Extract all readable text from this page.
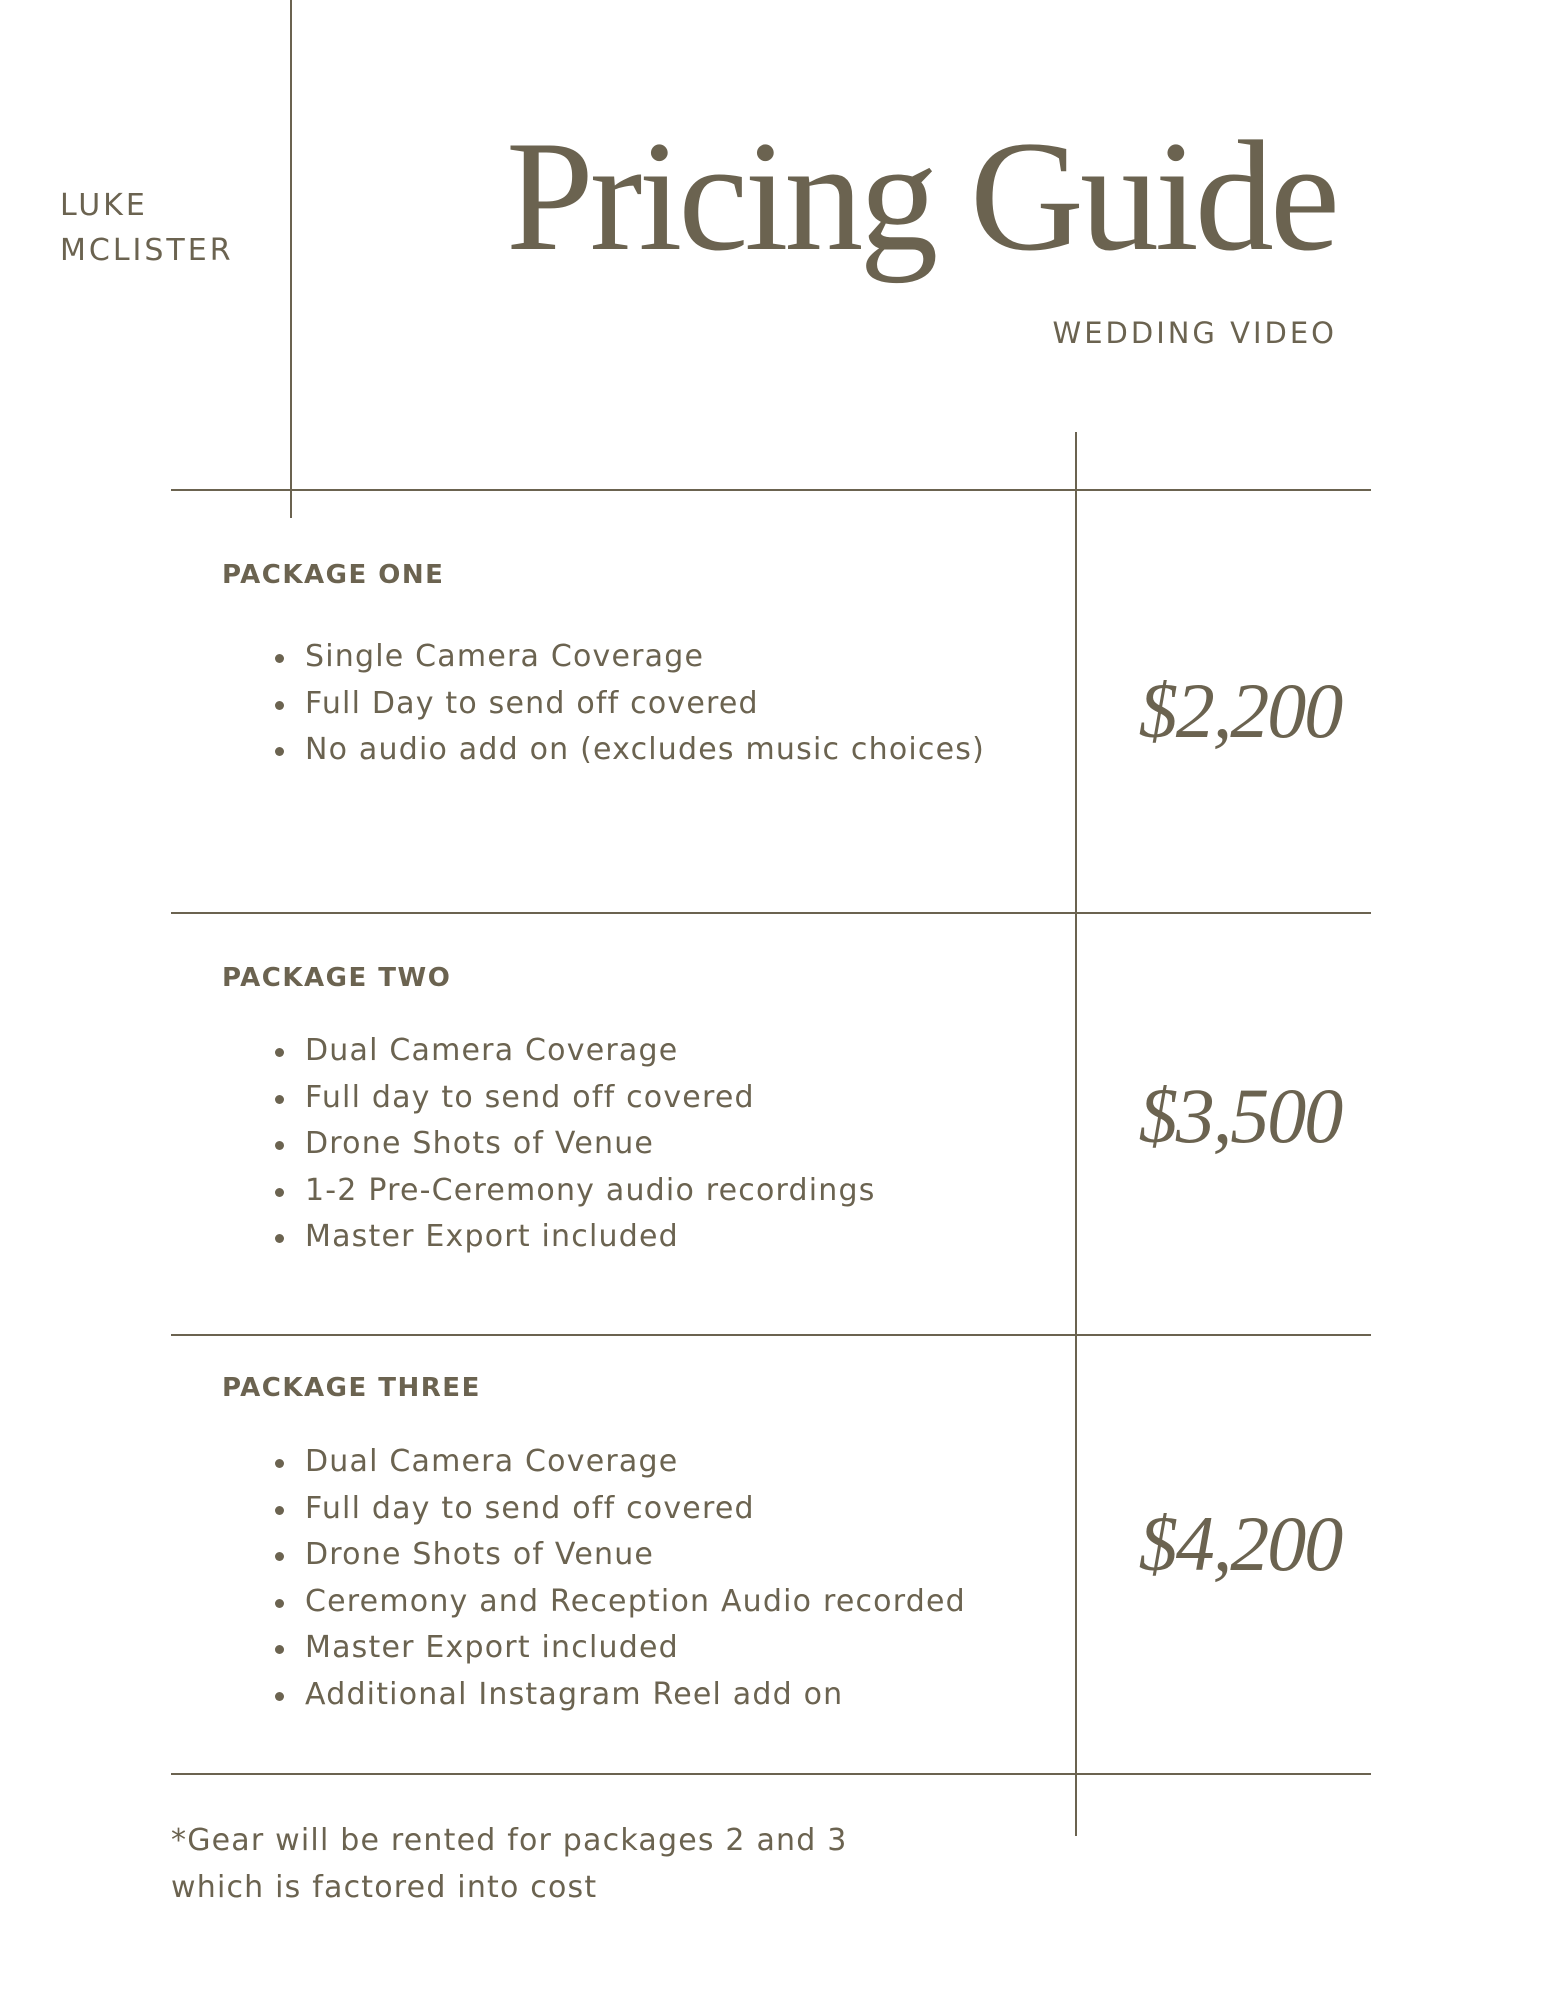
LUKE
MCLISTER Pricing Guide
WEDDING VIDEO
PACKAGE ONE
Single Camera Coverage
Full Day to send off covered
No audio add on (excludes music choices)	$2,200
PACKAGE TWO
Dual Camera Coverage
Full day to send off covered
Drone Shots of Venue
1-2 Pre-Ceremony audio recordings
Master Export included
$3,500
PACKAGE THREE
Dual Camera Coverage
Full day to send off covered
Drone Shots of Venue
Ceremony and Reception Audio recorded
Master Export included
Additional Instagram Reel add on
$4,200
*Gear will be rented for packages 2 and 3
which is factored into cost
